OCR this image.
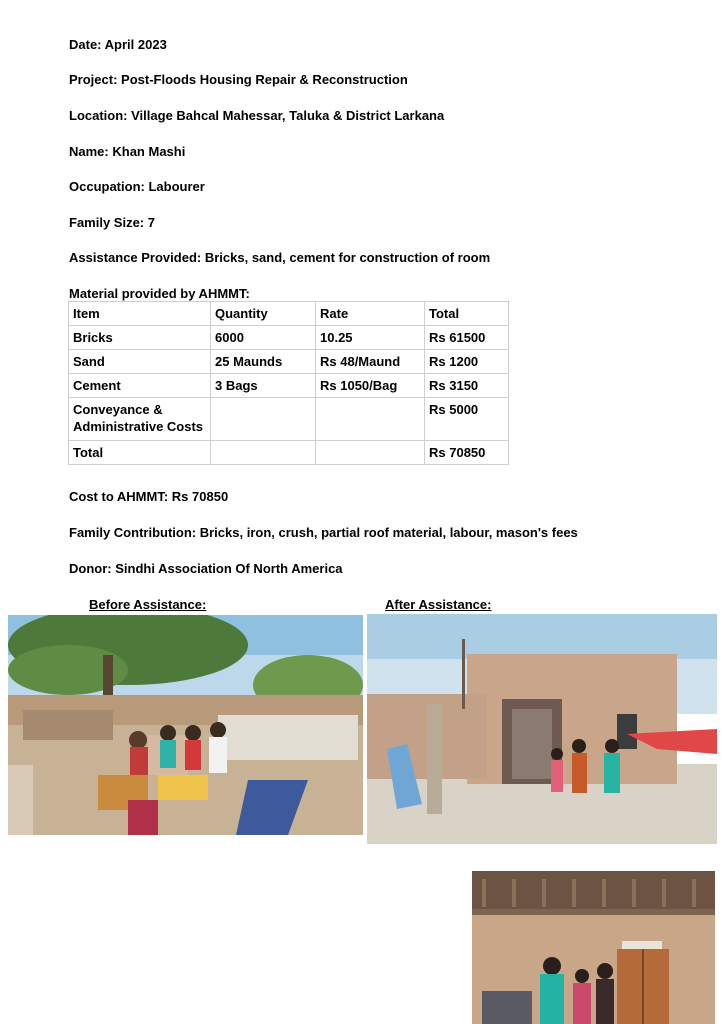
Date: April 2023
Project: Post-Floods Housing Repair & Reconstruction
Location: Village Bahcal Mahessar, Taluka & District Larkana
Name: Khan Mashi
Occupation: Labourer
Family Size: 7
Assistance Provided: Bricks, sand, cement for construction of room
Material provided by AHMMT:
Item	Quantity	Rate	Total
Bricks	6000	10.25	Rs 61500
Sand	25 Maunds	Rs 48/Maund	Rs 1200
Cement	3 Bags	Rs 1050/Bag	Rs 3150
Conveyance & Administrative Costs			Rs 5000
Total			Rs 70850
Cost to AHMMT: Rs 70850
Family Contribution: Bricks, iron, crush, partial roof material, labour, mason's fees
Donor: Sindhi Association Of North America
Before Assistance:	After Assistance:
